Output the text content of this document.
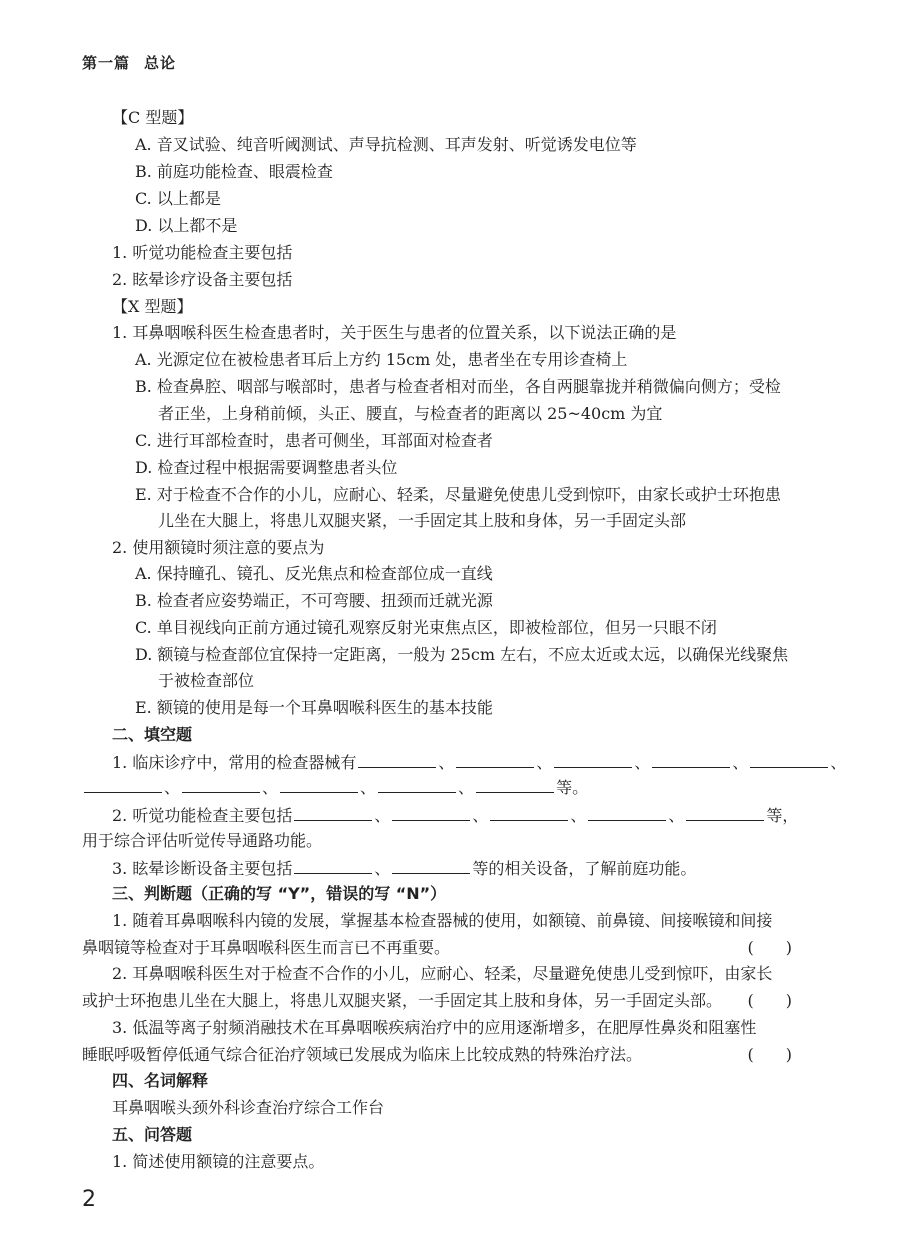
第一篇 总论
【C 型题】
A. 音叉试验、纯音听阈测试、声导抗检测、耳声发射、听觉诱发电位等
B. 前庭功能检查、眼震检查
C. 以上都是
D. 以上都不是
1. 听觉功能检查主要包括
2. 眩晕诊疗设备主要包括
【X 型题】
1. 耳鼻咽喉科医生检查患者时，关于医生与患者的位置关系，以下说法正确的是
A. 光源定位在被检患者耳后上方约 15cm 处，患者坐在专用诊查椅上
B. 检查鼻腔、咽部与喉部时，患者与检查者相对而坐，各自两腿靠拢并稍微偏向侧方；受检
者正坐，上身稍前倾，头正、腰直，与检查者的距离以 25~40cm 为宜
C. 进行耳部检查时，患者可侧坐，耳部面对检查者
D. 检查过程中根据需要调整患者头位
E. 对于检查不合作的小儿，应耐心、轻柔，尽量避免使患儿受到惊吓，由家长或护士环抱患
儿坐在大腿上，将患儿双腿夹紧，一手固定其上肢和身体，另一手固定头部
2. 使用额镜时须注意的要点为
A. 保持瞳孔、镜孔、反光焦点和检查部位成一直线
B. 检查者应姿势端正，不可弯腰、扭颈而迁就光源
C. 单目视线向正前方通过镜孔观察反射光束焦点区，即被检部位，但另一只眼不闭
D. 额镜与检查部位宜保持一定距离，一般为 25cm 左右，不应太近或太远，以确保光线聚焦
于被检查部位
E. 额镜的使用是每一个耳鼻咽喉科医生的基本技能
二、填空题
1. 临床诊疗中，常用的检查器械有	、	、	、	、	、
、	、	、	、	等。
2. 听觉功能检查主要包括	、	、	、	、	等，
用于综合评估听觉传导通路功能。
3. 眩晕诊断设备主要包括	、	等的相关设备，了解前庭功能。
三、判断题（正确的写 “Y”，错误的写 “N”）
1. 随着耳鼻咽喉科内镜的发展，掌握基本检查器械的使用，如额镜、前鼻镜、间接喉镜和间接
鼻咽镜等检查对于耳鼻咽喉科医生而言已不再重要。	(　　)
2. 耳鼻咽喉科医生对于检查不合作的小儿，应耐心、轻柔，尽量避免使患儿受到惊吓，由家长
或护士环抱患儿坐在大腿上，将患儿双腿夹紧，一手固定其上肢和身体，另一手固定头部。 (　　)
3. 低温等离子射频消融技术在耳鼻咽喉疾病治疗中的应用逐渐增多，在肥厚性鼻炎和阻塞性
睡眠呼吸暂停低通气综合征治疗领域已发展成为临床上比较成熟的特殊治疗法。	(　　)
四、名词解释
耳鼻咽喉头颈外科诊查治疗综合工作台
五、问答题
1. 简述使用额镜的注意要点。
2
